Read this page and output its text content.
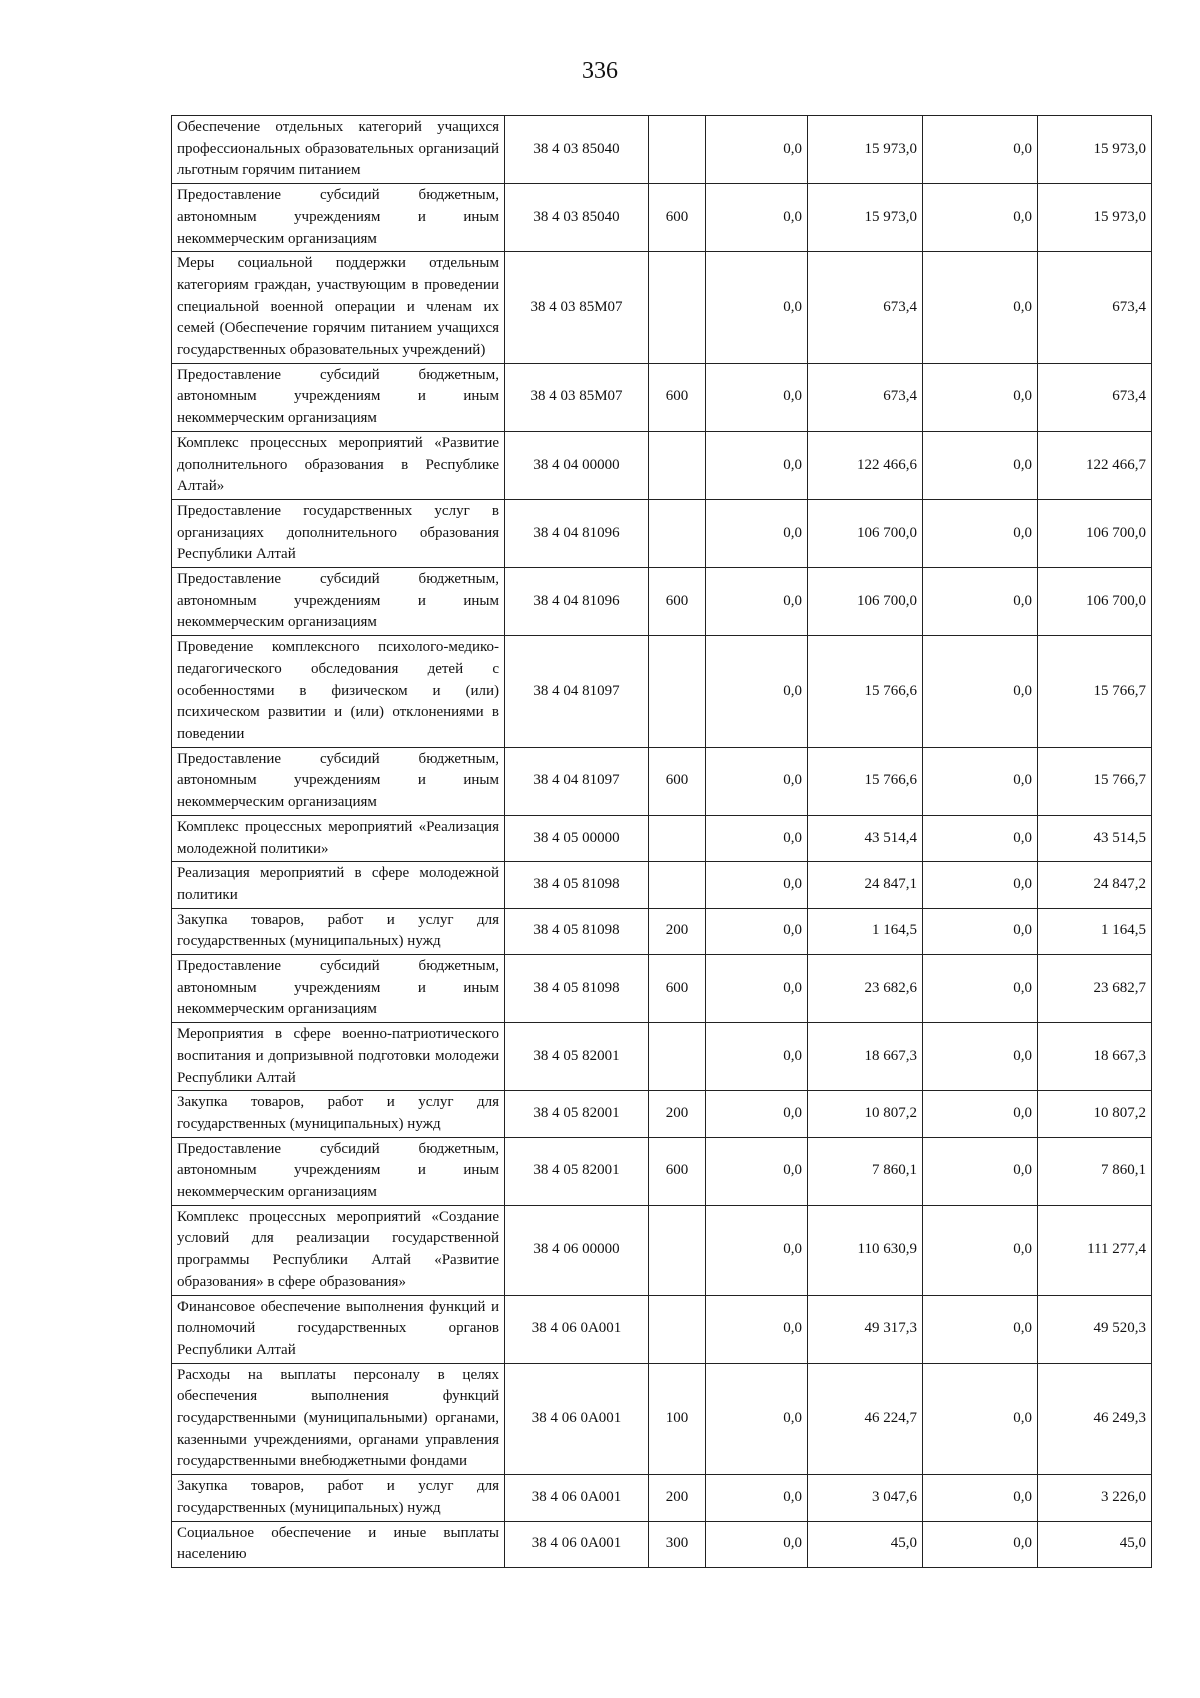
336
Обеспечение отдельных категорий учащихся профессиональных образовательных организаций льготным горячим питанием	38 4 03 85040		0,0	15 973,0	0,0	15 973,0
Предоставление субсидий бюджетным, автономным учреждениям и иным некоммерческим организациям	38 4 03 85040	600	0,0	15 973,0	0,0	15 973,0
Меры социальной поддержки отдельным категориям граждан, участвующим в проведении специальной военной операции и членам их семей (Обеспечение горячим питанием учащихся государственных образовательных учреждений)	38 4 03 85М07		0,0	673,4	0,0	673,4
Предоставление субсидий бюджетным, автономным учреждениям и иным некоммерческим организациям	38 4 03 85М07	600	0,0	673,4	0,0	673,4
Комплекс процессных мероприятий «Развитие дополнительного образования в Республике Алтай»	38 4 04 00000		0,0	122 466,6	0,0	122 466,7
Предоставление государственных услуг в организациях дополнительного образования Республики Алтай	38 4 04 81096		0,0	106 700,0	0,0	106 700,0
Предоставление субсидий бюджетным, автономным учреждениям и иным некоммерческим организациям	38 4 04 81096	600	0,0	106 700,0	0,0	106 700,0
Проведение комплексного психолого-медико-педагогического обследования детей с особенностями в физическом и (или) психическом развитии и (или) отклонениями в поведении	38 4 04 81097		0,0	15 766,6	0,0	15 766,7
Предоставление субсидий бюджетным, автономным учреждениям и иным некоммерческим организациям	38 4 04 81097	600	0,0	15 766,6	0,0	15 766,7
Комплекс процессных мероприятий «Реализация молодежной политики»	38 4 05 00000		0,0	43 514,4	0,0	43 514,5
Реализация мероприятий в сфере молодежной политики	38 4 05 81098		0,0	24 847,1	0,0	24 847,2
Закупка товаров, работ и услуг для государственных (муниципальных) нужд	38 4 05 81098	200	0,0	1 164,5	0,0	1 164,5
Предоставление субсидий бюджетным, автономным учреждениям и иным некоммерческим организациям	38 4 05 81098	600	0,0	23 682,6	0,0	23 682,7
Мероприятия в сфере военно-патриотического воспитания и допризывной подготовки молодежи Республики Алтай	38 4 05 82001		0,0	18 667,3	0,0	18 667,3
Закупка товаров, работ и услуг для государственных (муниципальных) нужд	38 4 05 82001	200	0,0	10 807,2	0,0	10 807,2
Предоставление субсидий бюджетным, автономным учреждениям и иным некоммерческим организациям	38 4 05 82001	600	0,0	7 860,1	0,0	7 860,1
Комплекс процессных мероприятий «Создание условий для реализации государственной программы Республики Алтай «Развитие образования» в сфере образования»	38 4 06 00000		0,0	110 630,9	0,0	111 277,4
Финансовое обеспечение выполнения функций и полномочий государственных органов Республики Алтай	38 4 06 0А001		0,0	49 317,3	0,0	49 520,3
Расходы на выплаты персоналу в целях обеспечения выполнения функций государственными (муниципальными) органами, казенными учреждениями, органами управления государственными внебюджетными фондами	38 4 06 0А001	100	0,0	46 224,7	0,0	46 249,3
Закупка товаров, работ и услуг для государственных (муниципальных) нужд	38 4 06 0А001	200	0,0	3 047,6	0,0	3 226,0
Социальное обеспечение и иные выплаты населению	38 4 06 0А001	300	0,0	45,0	0,0	45,0
